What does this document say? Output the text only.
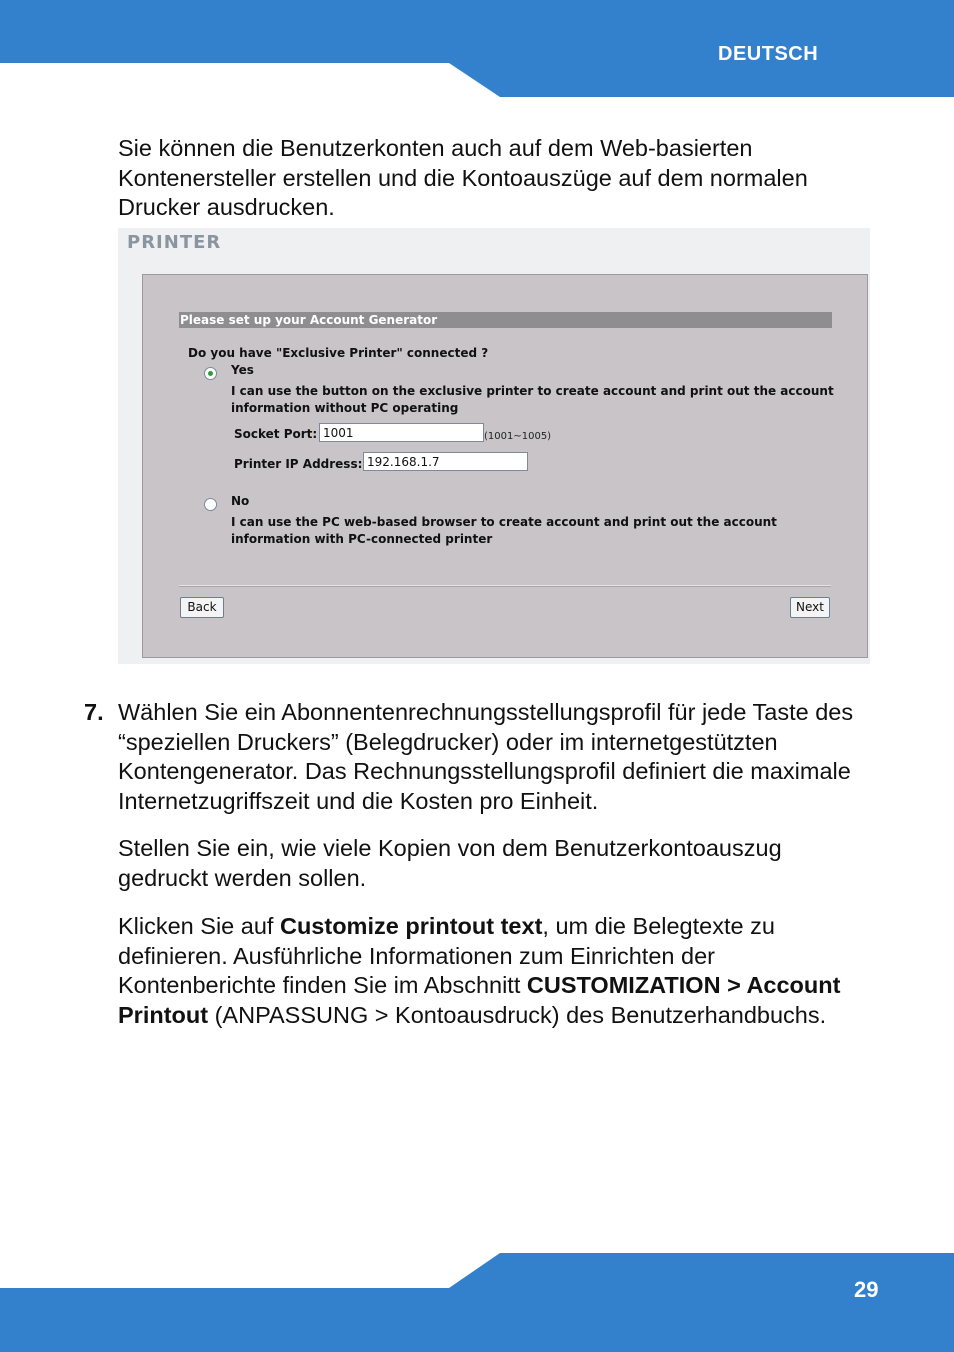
DEUTSCH

Sie können die Benutzerkonten auch auf dem Web-basierten Kontenersteller erstellen und die Kontoauszüge auf dem normalen Drucker ausdrucken.

PRINTER
Please set up your Account Generator
Do you have "Exclusive Printer" connected ?
Yes
I can use the button on the exclusive printer to create account and print out the account
information without PC operating
Socket Port: 1001	(1001~1005)
Printer IP Address: 192.168.1.7
No
I can use the PC web-based browser to create account and print out the account
information with PC-connected printer
Back	Next
7. Wählen Sie ein Abonnentenrechnungsstellungsprofil für jede Taste des “speziellen Druckers” (Belegdrucker) oder im internetgestützten Kontengenerator. Das Rechnungsstellungsprofil definiert die maximale Internetzugriffszeit und die Kosten pro Einheit.

Stellen Sie ein, wie viele Kopien von dem Benutzerkontoauszug gedruckt werden sollen.

Klicken Sie auf Customize printout text, um die Belegtexte zu definieren. Ausführliche Informationen zum Einrichten der Kontenberichte finden Sie im Abschnitt CUSTOMIZATION > Account Printout (ANPASSUNG > Kontoausdruck) des Benutzerhandbuchs.

29
